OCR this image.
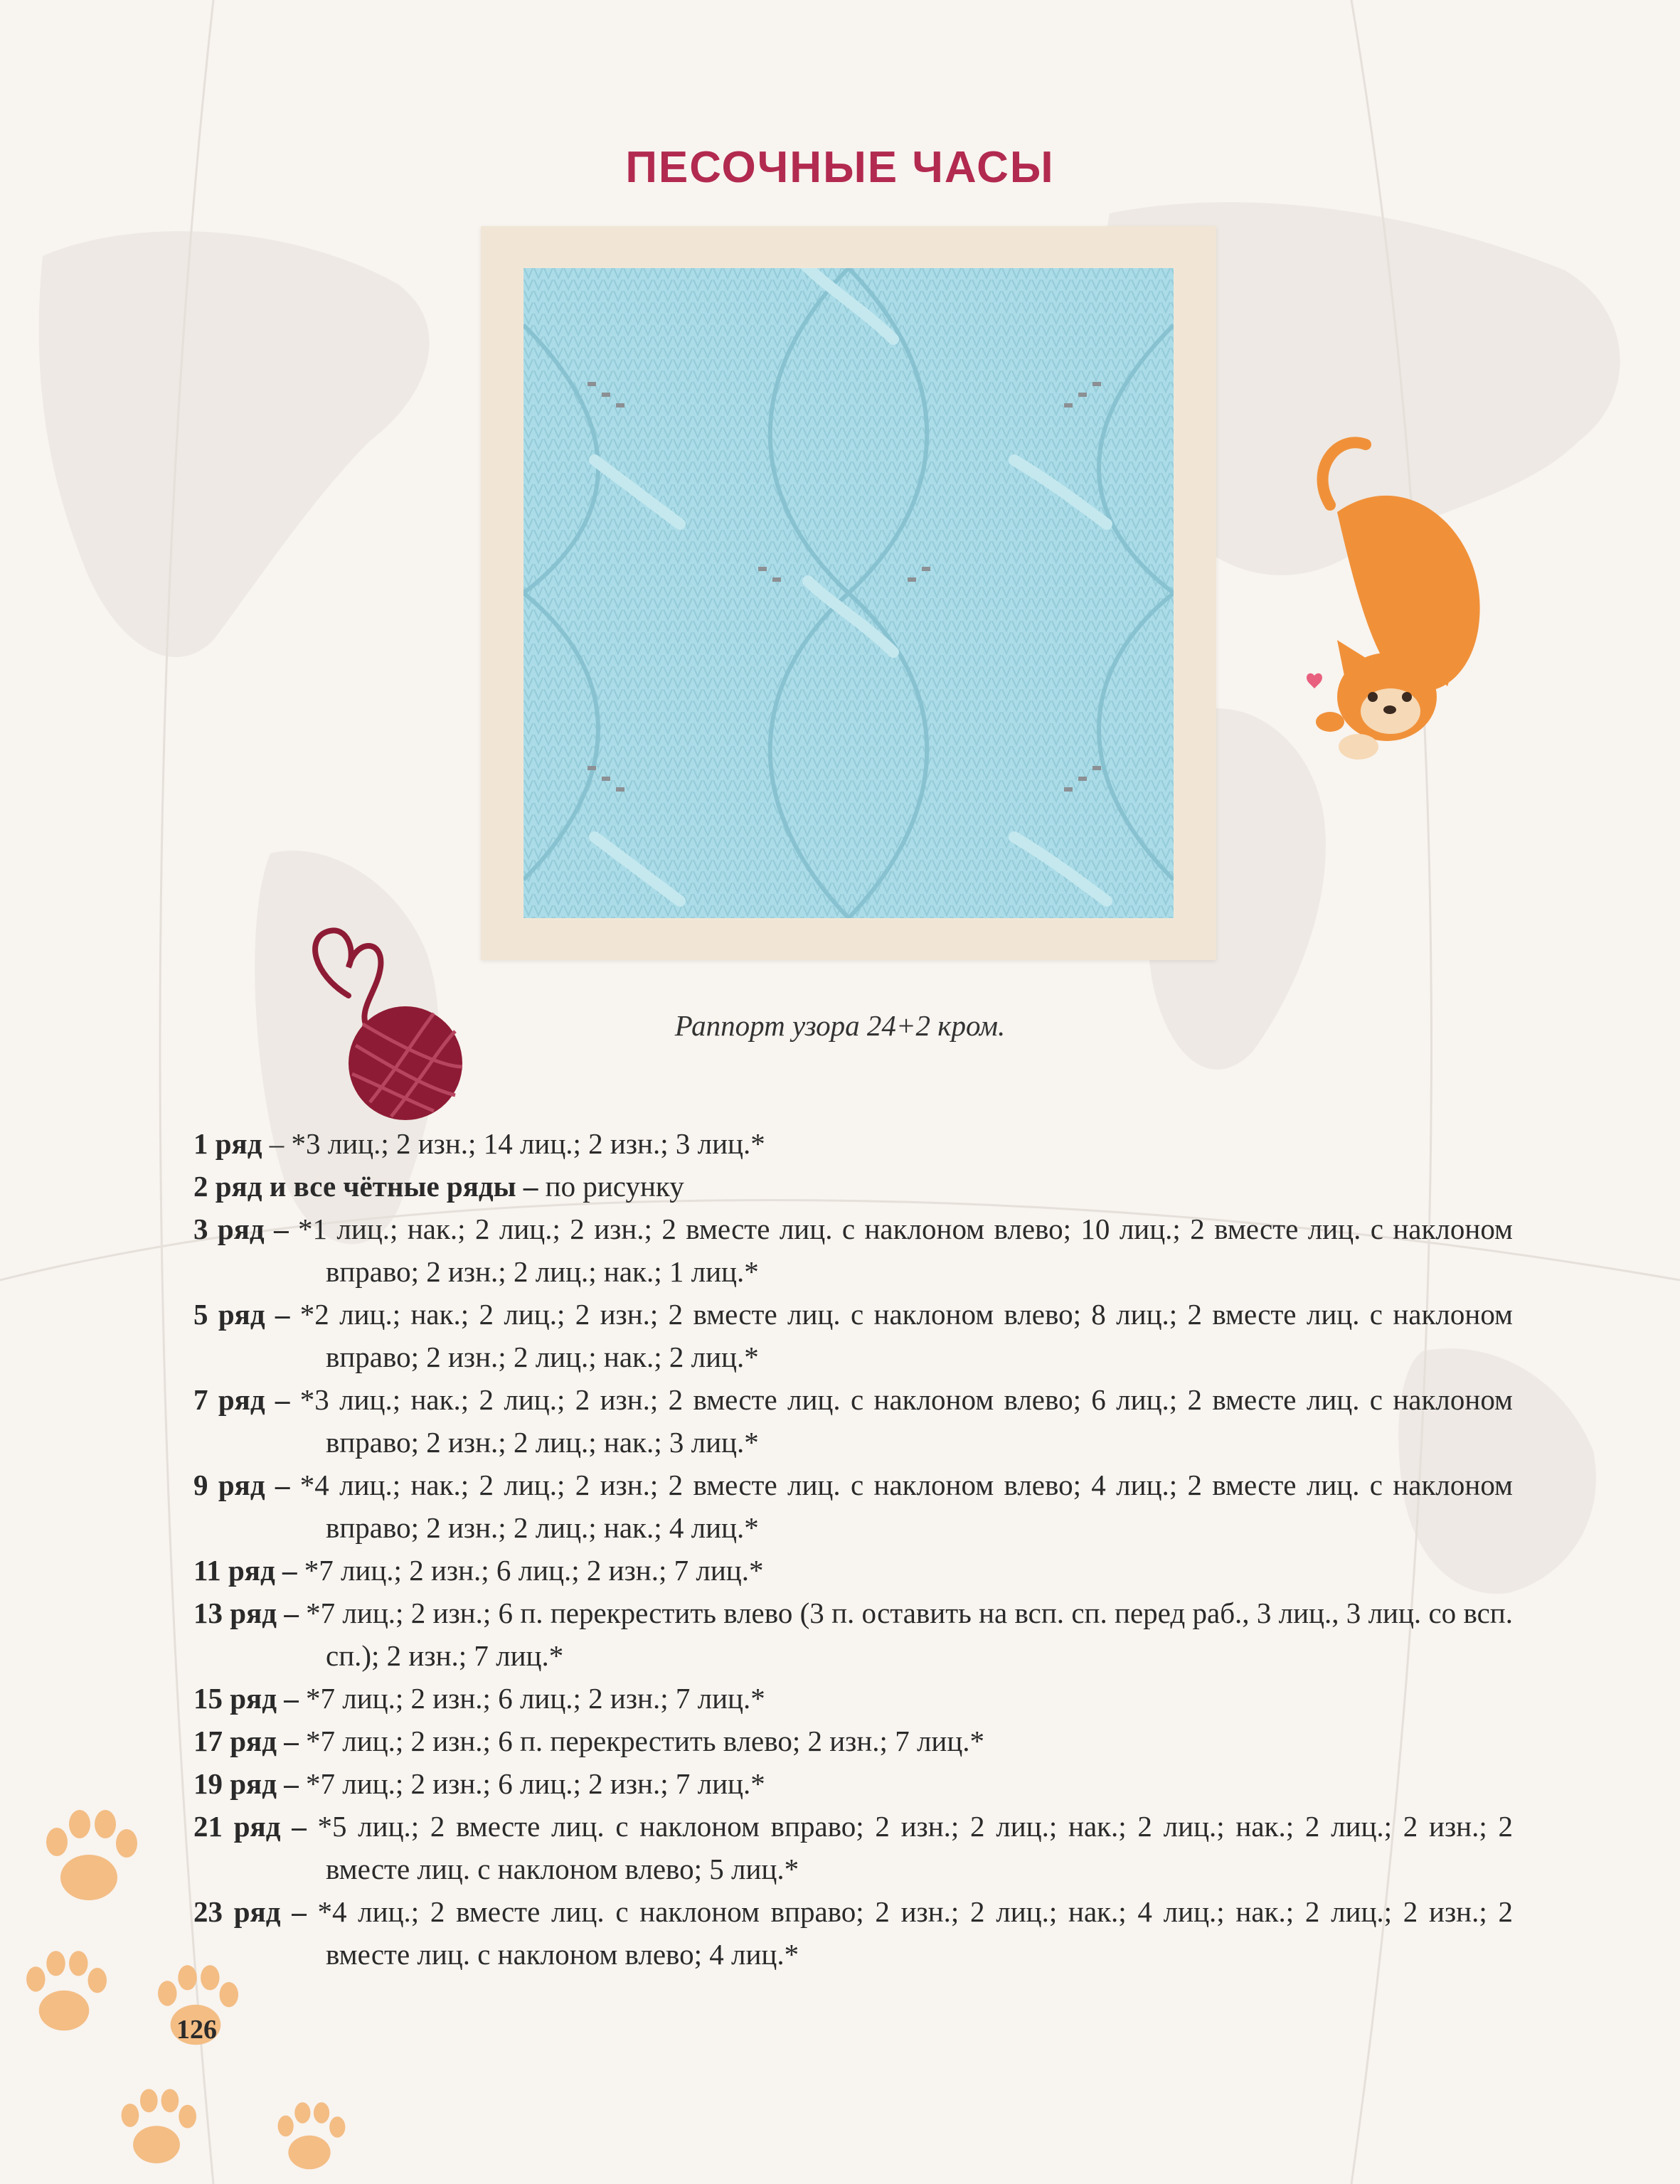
ПЕСОЧНЫЕ ЧАСЫ
Раппорт узора 24+2 кром.
1 ряд – *3 лиц.; 2 изн.; 14 лиц.; 2 изн.; 3 лиц.*
2 ряд и все чётные ряды – по рисунку
3 ряд – *1 лиц.; нак.; 2 лиц.; 2 изн.; 2 вместе лиц. с наклоном влево; 10 лиц.; 2 вместе лиц. с наклоном вправо; 2 изн.; 2 лиц.; нак.; 1 лиц.*
5 ряд – *2 лиц.; нак.; 2 лиц.; 2 изн.; 2 вместе лиц. с наклоном влево; 8 лиц.; 2 вместе лиц. с наклоном вправо; 2 изн.; 2 лиц.; нак.; 2 лиц.*
7 ряд – *3 лиц.; нак.; 2 лиц.; 2 изн.; 2 вместе лиц. с наклоном влево; 6 лиц.; 2 вместе лиц. с наклоном вправо; 2 изн.; 2 лиц.; нак.; 3 лиц.*
9 ряд – *4 лиц.; нак.; 2 лиц.; 2 изн.; 2 вместе лиц. с наклоном влево; 4 лиц.; 2 вместе лиц. с наклоном вправо; 2 изн.; 2 лиц.; нак.; 4 лиц.*
11 ряд – *7 лиц.; 2 изн.; 6 лиц.; 2 изн.; 7 лиц.*
13 ряд – *7 лиц.; 2 изн.; 6 п. перекрестить влево (3 п. оставить на всп. сп. перед раб., 3 лиц., 3 лиц. со всп. сп.); 2 изн.; 7 лиц.*
15 ряд – *7 лиц.; 2 изн.; 6 лиц.; 2 изн.; 7 лиц.*
17 ряд – *7 лиц.; 2 изн.; 6 п. перекрестить влево; 2 изн.; 7 лиц.*
19 ряд – *7 лиц.; 2 изн.; 6 лиц.; 2 изн.; 7 лиц.*
21 ряд – *5 лиц.; 2 вместе лиц. с наклоном вправо; 2 изн.; 2 лиц.; нак.; 2 лиц.; нак.; 2 лиц.; 2 изн.; 2 вместе лиц. с наклоном влево; 5 лиц.*
23 ряд – *4 лиц.; 2 вместе лиц. с наклоном вправо; 2 изн.; 2 лиц.; нак.; 4 лиц.; нак.; 2 лиц.; 2 изн.; 2 вместе лиц. с наклоном влево; 4 лиц.*
126
